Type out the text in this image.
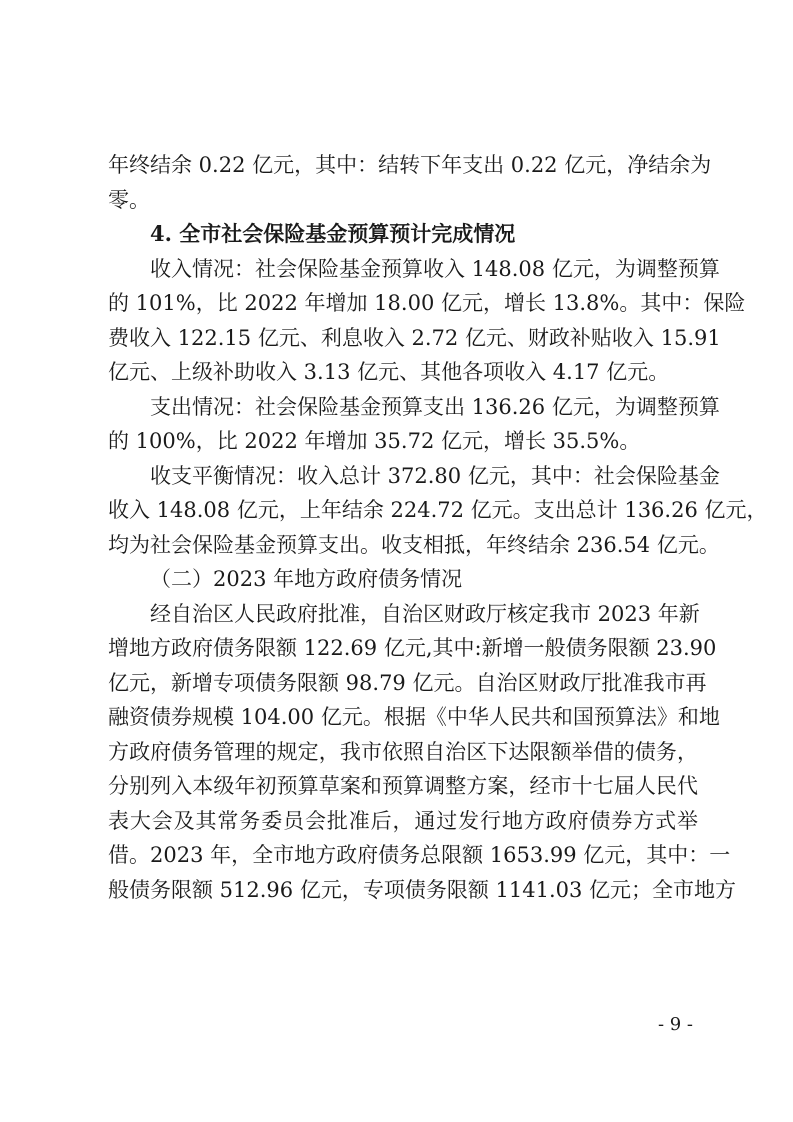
年终结余 0.22 亿元，其中：结转下年支出 0.22 亿元，净结余为
零。
4. 全市社会保险基金预算预计完成情况
收入情况：社会保险基金预算收入 148.08 亿元，为调整预算
的 101%，比 2022 年增加 18.00 亿元，增长 13.8%。其中：保险
费收入 122.15 亿元、利息收入 2.72 亿元、财政补贴收入 15.91
亿元、上级补助收入 3.13 亿元、其他各项收入 4.17 亿元。
支出情况：社会保险基金预算支出 136.26 亿元，为调整预算
的 100%，比 2022 年增加 35.72 亿元，增长 35.5%。
收支平衡情况：收入总计 372.80 亿元，其中：社会保险基金
收入 148.08 亿元，上年结余 224.72 亿元。支出总计 136.26 亿元，
均为社会保险基金预算支出。收支相抵，年终结余 236.54 亿元。
（二）2023 年地方政府债务情况
经自治区人民政府批准，自治区财政厅核定我市 2023 年新
增地方政府债务限额 122.69 亿元,其中:新增一般债务限额 23.90
亿元，新增专项债务限额 98.79 亿元。自治区财政厅批准我市再
融资债券规模 104.00 亿元。根据《中华人民共和国预算法》和地
方政府债务管理的规定，我市依照自治区下达限额举借的债务，
分别列入本级年初预算草案和预算调整方案，经市十七届人民代
表大会及其常务委员会批准后，通过发行地方政府债券方式举
借。2023 年，全市地方政府债务总限额 1653.99 亿元，其中：一
般债务限额 512.96 亿元，专项债务限额 1141.03 亿元；全市地方
- 9 -
